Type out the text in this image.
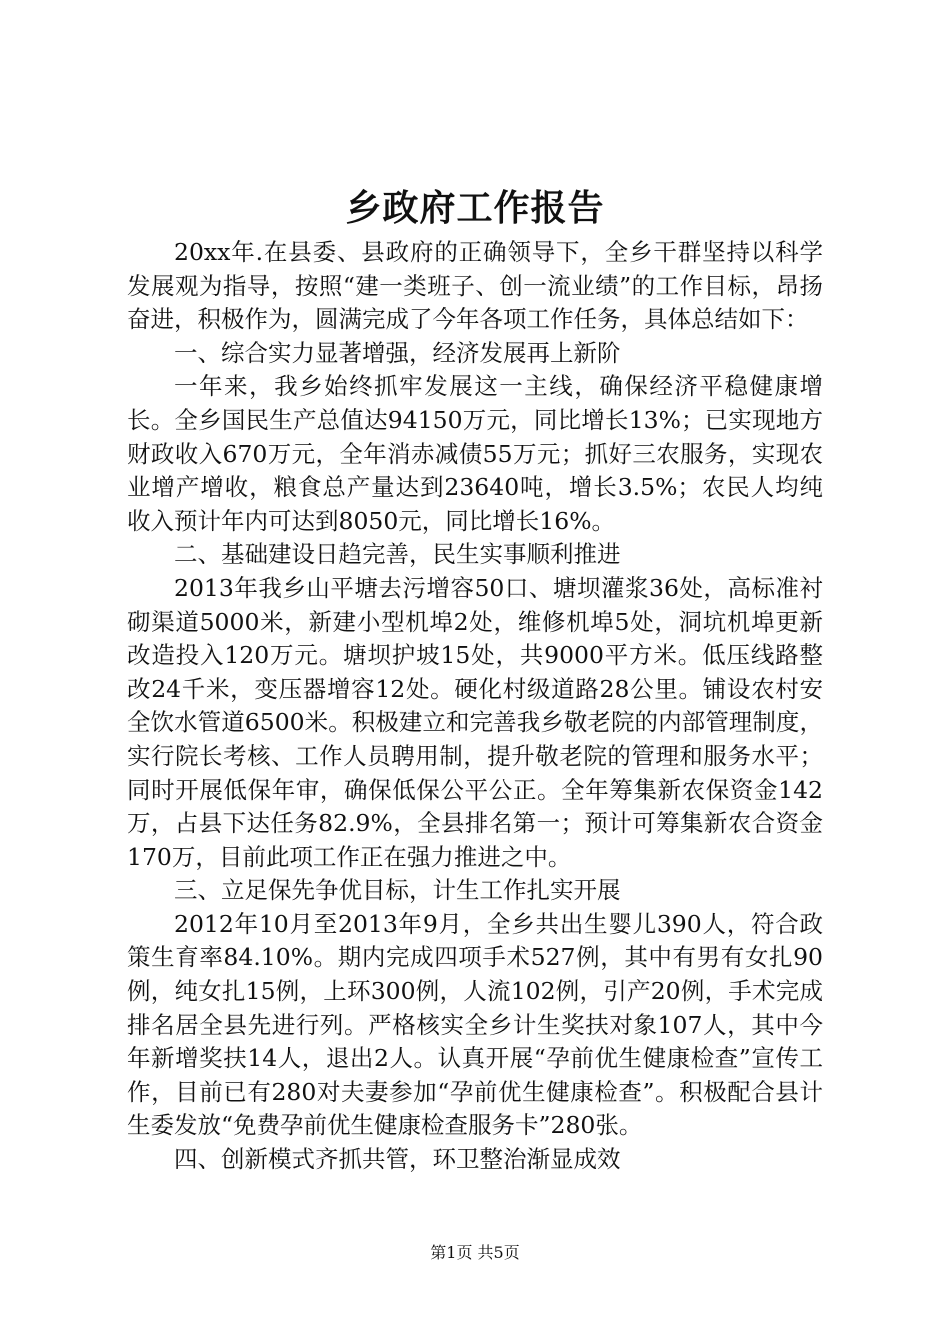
乡政府工作报告

20xx年.在县委、县政府的正确领导下，全乡干群坚持以科学发展观为指导，按照“建一类班子、创一流业绩”的工作目标，昂扬奋进，积极作为，圆满完成了今年各项工作任务，具体总结如下：

一、综合实力显著增强，经济发展再上新阶

一年来，我乡始终抓牢发展这一主线，确保经济平稳健康增长。全乡国民生产总值达94150万元，同比增长13%；已实现地方财政收入670万元，全年消赤减债55万元；抓好三农服务，实现农业增产增收，粮食总产量达到23640吨，增长3.5%；农民人均纯收入预计年内可达到8050元，同比增长16%。

二、基础建设日趋完善，民生实事顺利推进

2013年我乡山平塘去污增容50口、塘坝灌浆36处，高标准衬砌渠道5000米，新建小型机埠2处，维修机埠5处，洞坑机埠更新改造投入120万元。塘坝护坡15处，共9000平方米。低压线路整改24千米，变压器增容12处。硬化村级道路28公里。铺设农村安全饮水管道6500米。积极建立和完善我乡敬老院的内部管理制度，实行院长考核、工作人员聘用制，提升敬老院的管理和服务水平；同时开展低保年审，确保低保公平公正。全年筹集新农保资金142万，占县下达任务82.9%，全县排名第一；预计可筹集新农合资金170万，目前此项工作正在强力推进之中。

三、立足保先争优目标，计生工作扎实开展

2012年10月至2013年9月，全乡共出生婴儿390人，符合政策生育率84.10%。期内完成四项手术527例，其中有男有女扎90例，纯女扎15例，上环300例，人流102例，引产20例，手术完成排名居全县先进行列。严格核实全乡计生奖扶对象107人，其中今年新增奖扶14人，退出2人。认真开展“孕前优生健康检查”宣传工作，目前已有280对夫妻参加“孕前优生健康检查”。积极配合县计生委发放“免费孕前优生健康检查服务卡”280张。

四、创新模式齐抓共管，环卫整治渐显成效

第1页 共5页
